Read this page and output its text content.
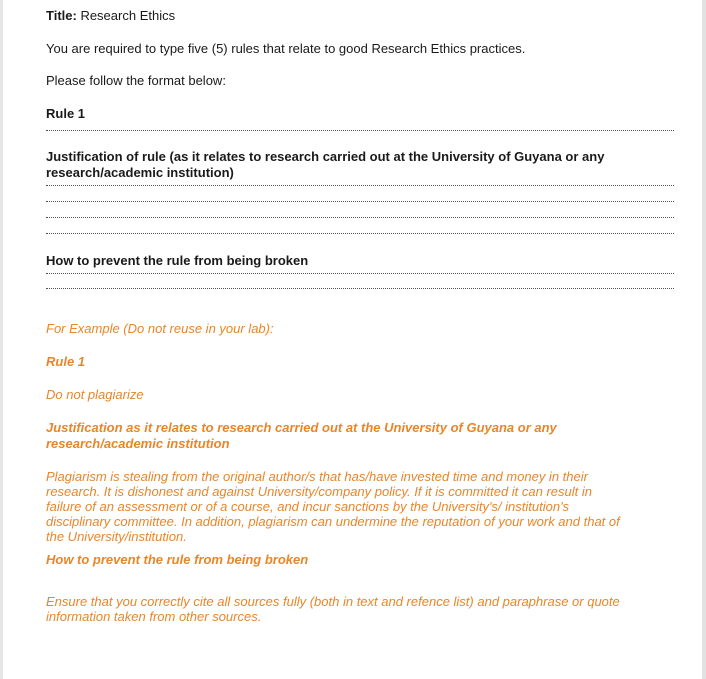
Title: Research Ethics

You are required to type five (5) rules that relate to good Research Ethics practices.

Please follow the format below:

Rule 1

Justification of rule (as it relates to research carried out at the University of Guyana or any
research/academic institution)

How to prevent the rule from being broken

For Example (Do not reuse in your lab):

Rule 1

Do not plagiarize

Justification as it relates to research carried out at the University of Guyana or any
research/academic institution

Plagiarism is stealing from the original author/s that has/have invested time and money in their

research. It is dishonest and against University/company policy. If it is committed it can result in

failure of an assessment or of a course, and incur sanctions by the University's/ institution's

disciplinary committee. In addition, plagiarism can undermine the reputation of your work and that of

the University/institution.

How to prevent the rule from being broken

Ensure that you correctly cite all sources fully (both in text and refence list) and paraphrase or quote

information taken from other sources.
